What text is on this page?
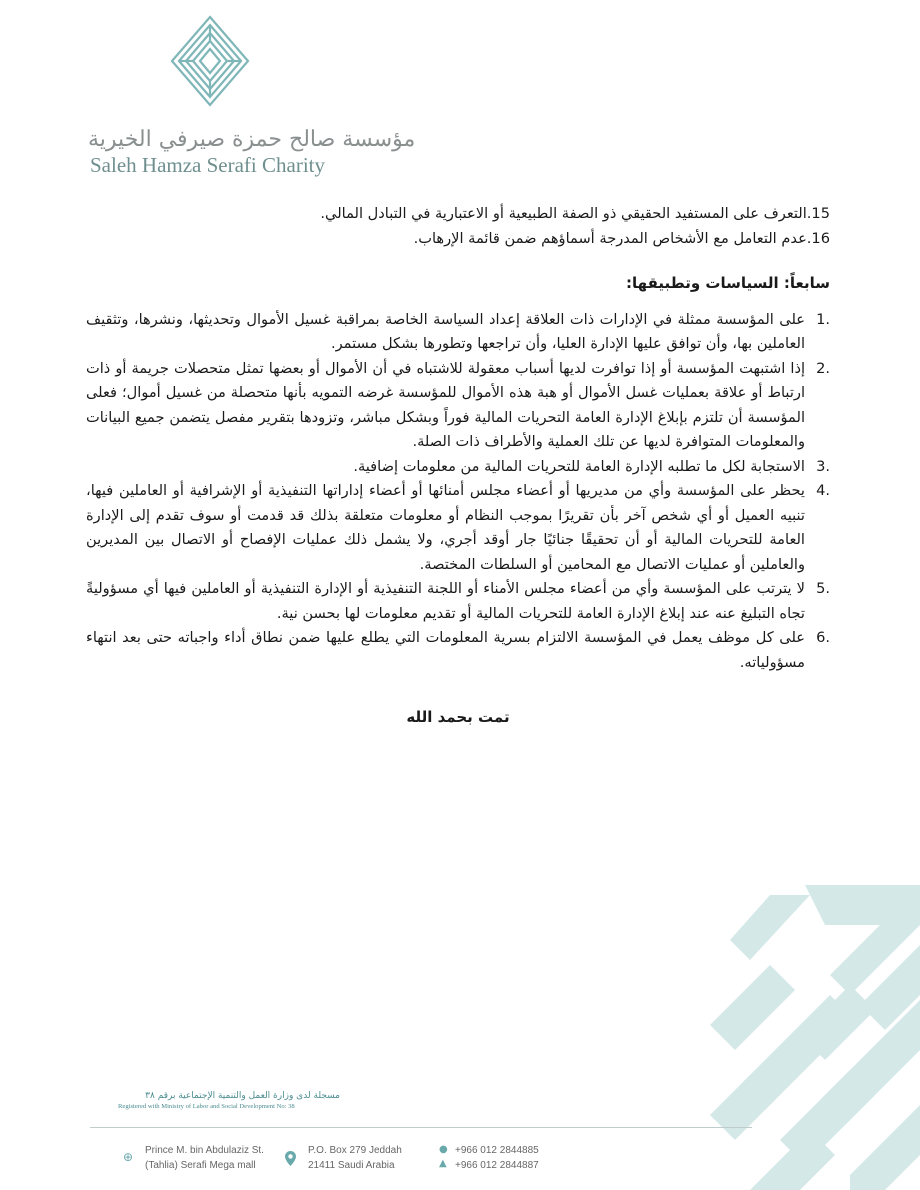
مؤسسة صالح حمزة صيرفي الخيرية
Saleh Hamza Serafi Charity

15.التعرف على المستفيد الحقيقي ذو الصفة الطبيعية أو الاعتبارية في التبادل المالي.

16.عدم التعامل مع الأشخاص المدرجة أسماؤهم ضمن قائمة الإرهاب.

سابعاً: السياسات وتطبيقها:

1.
على المؤسسة ممثلة في الإدارات ذات العلاقة إعداد السياسة الخاصة بمراقبة غسيل الأموال وتحديثها، ونشرها، وتثقيف العاملين بها، وأن توافق عليها الإدارة العليا، وأن تراجعها وتطورها بشكل مستمر.
2.
إذا اشتبهت المؤسسة أو إذا توافرت لديها أسباب معقولة للاشتباه في أن الأموال أو بعضها تمثل متحصلات جريمة أو ذات ارتباط أو علاقة بعمليات غسل الأموال أو هبة هذه الأموال للمؤسسة غرضه التمويه بأنها متحصلة من غسيل أموال؛ فعلى المؤسسة أن تلتزم بإبلاغ الإدارة العامة التحريات المالية فوراً وبشكل مباشر، وتزودها بتقرير مفصل يتضمن جميع البيانات والمعلومات المتوافرة لديها عن تلك العملية والأطراف ذات الصلة.
3.
الاستجابة لكل ما تطلبه الإدارة العامة للتحريات المالية من معلومات إضافية.
4.
يحظر على المؤسسة وأي من مديريها أو أعضاء مجلس أمنائها أو أعضاء إداراتها التنفيذية أو الإشرافية أو العاملين فيها، تنبيه العميل أو أي شخص آخر بأن تقريرًا بموجب النظام أو معلومات متعلقة بذلك قد قدمت أو سوف تقدم إلى الإدارة العامة للتحريات المالية أو أن تحقيقًا جنائيًا جار أوقد أجري، ولا يشمل ذلك عمليات الإفصاح أو الاتصال بين المديرين والعاملين أو عمليات الاتصال مع المحامين أو السلطات المختصة.
5.
لا يترتب على المؤسسة وأي من أعضاء مجلس الأمناء أو اللجنة التنفيذية أو الإدارة التنفيذية أو العاملين فيها أي مسؤوليةً تجاه التبليغ عنه عند إبلاغ الإدارة العامة للتحريات المالية أو تقديم معلومات لها بحسن نية.
6.
على كل موظف يعمل في المؤسسة الالتزام بسرية المعلومات التي يطلع عليها ضمن نطاق أداء واجباته حتى بعد انتهاء مسؤولياته.

تمت بحمد الله

مسجلة لدى وزارة العمل والتنمية الإجتماعية برقم ٣٨
Registered with Ministry of Labor and Social Development No: 38
⊕ Prince M. bin Abdulaziz St.
(Tahlia) Serafi Mega mall
P.O. Box 279 Jeddah
21411 Saudi Arabia
●
▲
+966 012 2844885
+966 012 2844887
